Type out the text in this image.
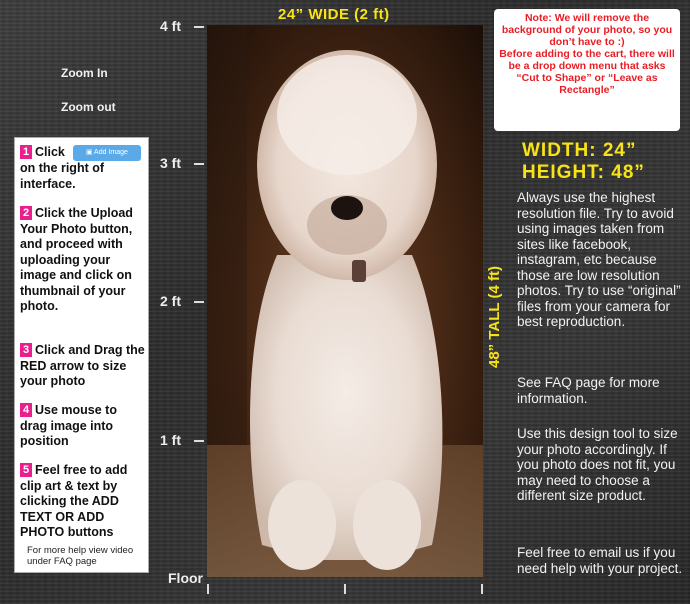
4 ft
3 ft
2 ft
1 ft
Floor
24” WIDE (2 ft)
48” TALL (4 ft)
Zoom In
Zoom out
1 Click	▣ Add Image
on the right of interface.
2 Click the Upload Your Photo button, and proceed with uploading your image and click on thumbnail of your photo.
3 Click and Drag the RED arrow to size your photo
4 Use mouse to drag image into position
5 Feel free to add clip art & text by clicking the ADD TEXT OR ADD PHOTO buttons
For more help view video under FAQ page

Note: We will remove the background of your photo, so you don’t have to :)

Before adding to the cart, there will be a drop down menu that asks “Cut to Shape” or “Leave as Rectangle”

WIDTH: 24”
HEIGHT: 48”
Always use the highest resolution file. Try to avoid using images taken from sites like facebook, instagram, etc because those are low resolution photos. Try to use “original” files from your camera for best reproduction.
See FAQ page for more information.
Use this design tool to size your photo accordingly. If you photo does not fit, you may need to choose a different size product.
Feel free to email us if you need help with your project.
